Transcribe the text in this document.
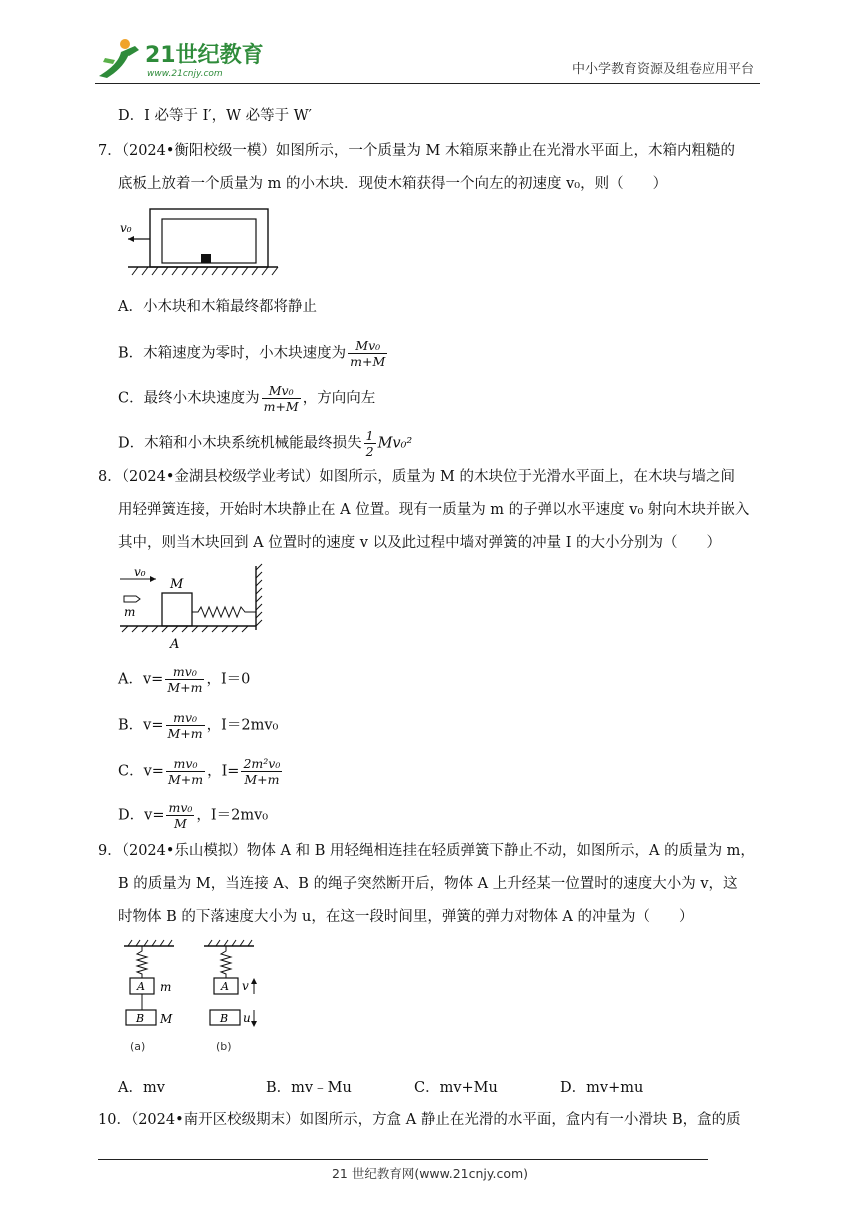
21世纪教育
www.21cnjy.com	中小学教育资源及组卷应用平台
D．I 必等于 I′，W 必等于 W′
7．（2024•衡阳校级一模）如图所示，一个质量为 M 木箱原来静止在光滑水平面上，木箱内粗糙的
底板上放着一个质量为 m 的小木块．现使木箱获得一个向左的初速度 v₀，则（　　）
v₀
A．小木块和木箱最终都将静止
B．木箱速度为零时，小木块速度为 $\frac{\text{Mv₀}}{m+M}$
C．最终小木块速度为 $\frac{\text{Mv₀}}{m+M}$ ，方向向左
D．木箱和小木块系统机械能最终损失 $\frac{1}{2} Mv_0^2$
8．（2024•金湖县校级学业考试）如图所示，质量为 M 的木块位于光滑水平面上，在木块与墙之间
用轻弹簧连接，开始时木块静止在 A 位置。现有一质量为 m 的子弹以水平速度 v₀ 射向木块并嵌入
其中，则当木块回到 A 位置时的速度 v 以及此过程中墙对弹簧的冲量 I 的大小分别为（　　）
v₀
M
m
A
A．$v= \frac{\text{mv₀}}{M+m}$ ，I＝0
B．$v= \frac{\text{mv₀}}{M+m}$ ，I＝2mv₀
C．$v= \frac{\text{mv₀}}{M+m}$ ，$I= \frac{\text{2m²v₀}}{M+m}$
D．$v= \frac{\text{mv₀}}{M}$ ，I＝2mv₀
9．（2024•乐山模拟）物体 A 和 B 用轻绳相连挂在轻质弹簧下静止不动，如图所示，A 的质量为 m，
B 的质量为 M，当连接 A、B 的绳子突然断开后，物体 A 上升经某一位置时的速度大小为 v，这
时物体 B 的下落速度大小为 u，在这一段时间里，弹簧的弹力对物体 A 的冲量为（　　）
A m
B M
(a)
A v
B u
(b)
A．mv	B．mv﹣Mu	C．mv+Mu	D．mv+mu
10．（2024•南开区校级期末）如图所示，方盒 A 静止在光滑的水平面，盒内有一小滑块 B，盒的质
21 世纪教育网(www.21cnjy.com)
